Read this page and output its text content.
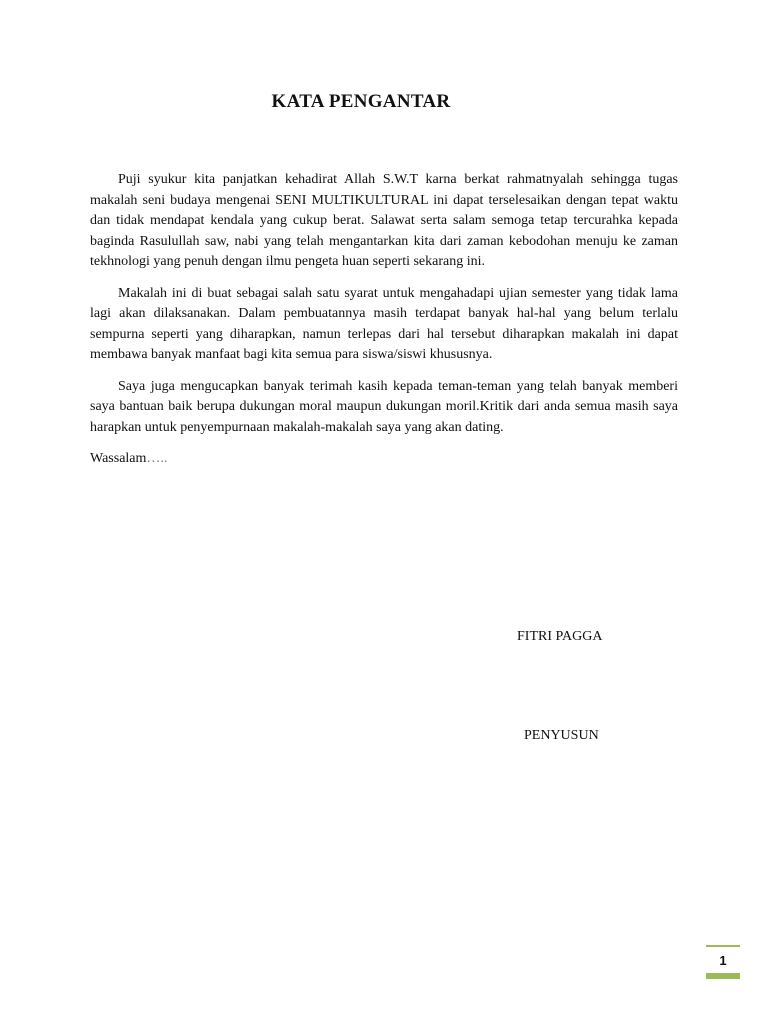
KATA PENGANTAR

Puji syukur kita panjatkan kehadirat Allah S.W.T karna berkat rahmatnyalah sehingga tugas makalah seni budaya mengenai SENI MULTIKULTURAL ini dapat terselesaikan dengan tepat waktu dan tidak mendapat kendala yang cukup berat. Salawat serta salam semoga tetap tercurahka kepada baginda Rasulullah saw, nabi yang telah mengantarkan kita dari zaman kebodohan menuju ke zaman tekhnologi yang penuh dengan ilmu pengeta huan seperti sekarang ini.

Makalah ini di buat sebagai salah satu syarat untuk mengahadapi ujian semester yang tidak lama lagi akan dilaksanakan. Dalam pembuatannya masih terdapat banyak hal-hal yang belum terlalu sempurna seperti yang diharapkan, namun terlepas dari hal tersebut diharapkan makalah ini dapat membawa banyak manfaat bagi kita semua para siswa/siswi khususnya.

Saya juga mengucapkan banyak terimah kasih kepada teman-teman yang telah banyak memberi saya bantuan baik berupa dukungan moral maupun dukungan moril.Kritik dari anda semua masih saya harapkan untuk penyempurnaan makalah-makalah saya yang akan dating.

Wassalam…..

FITRI PAGGA
PENYUSUN
1
